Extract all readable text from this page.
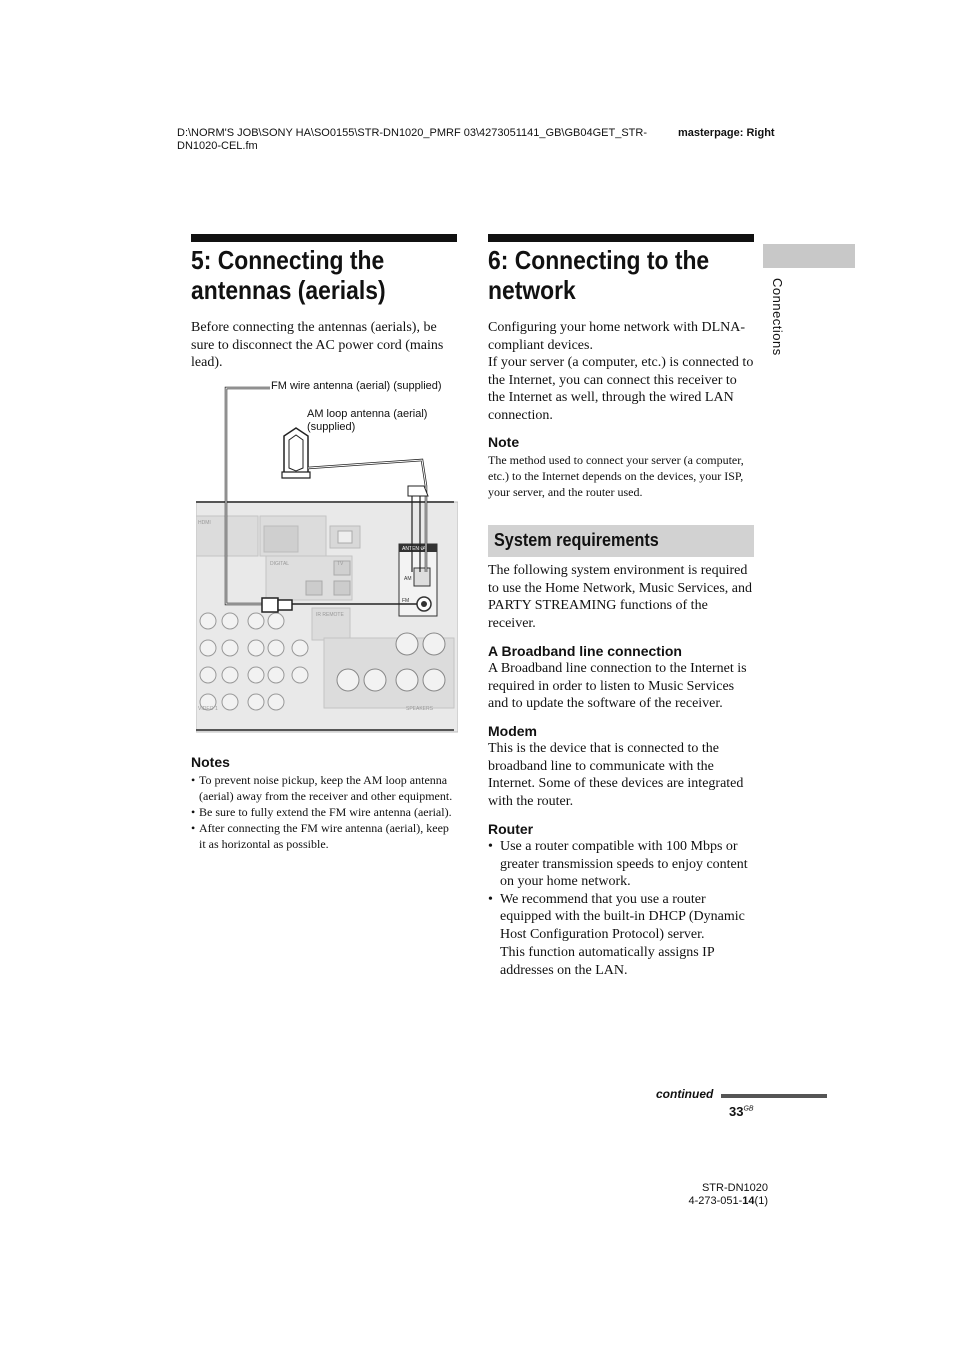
D:\NORM'S JOB\SONY HA\SO0155\STR-DN1020_PMRF 03\4273051141_GB\GB04GET_STR-DN1020-CEL.fm
masterpage: Right
Connections
5: Connecting the
antennas (aerials)
Before connecting the antennas (aerials), be sure to disconnect the AC power cord (mains lead).
HDMI
DIGITAL	TV
ANTENNA
AM
FM
IR REMOTE
SPEAKERS
VIDEO 1
FM wire antenna (aerial) (supplied)
AM loop antenna (aerial)
(supplied)
Notes
• To prevent noise pickup, keep the AM loop antenna (aerial) away from the receiver and other equipment.
• Be sure to fully extend the FM wire antenna (aerial).
• After connecting the FM wire antenna (aerial), keep it as horizontal as possible.
6: Connecting to the
network
Configuring your home network with DLNA-compliant devices.
If your server (a computer, etc.) is connected to the Internet, you can connect this receiver to the Internet as well, through the wired LAN connection.
Note
The method used to connect your server (a computer, etc.) to the Internet depends on the devices, your ISP, your server, and the router used.
System requirements
The following system environment is required to use the Home Network, Music Services, and PARTY STREAMING functions of the receiver.
A Broadband line connection
A Broadband line connection to the Internet is required in order to listen to Music Services and to update the software of the receiver.
Modem
This is the device that is connected to the broadband line to communicate with the Internet. Some of these devices are integrated with the router.
Router
• Use a router compatible with 100 Mbps or greater transmission speeds to enjoy content on your home network.
• We recommend that you use a router equipped with the built-in DHCP (Dynamic Host Configuration Protocol) server.
This function automatically assigns IP addresses on the LAN.
continued
$33^{GB}$
STR-DN1020
4-273-051-14(1)
